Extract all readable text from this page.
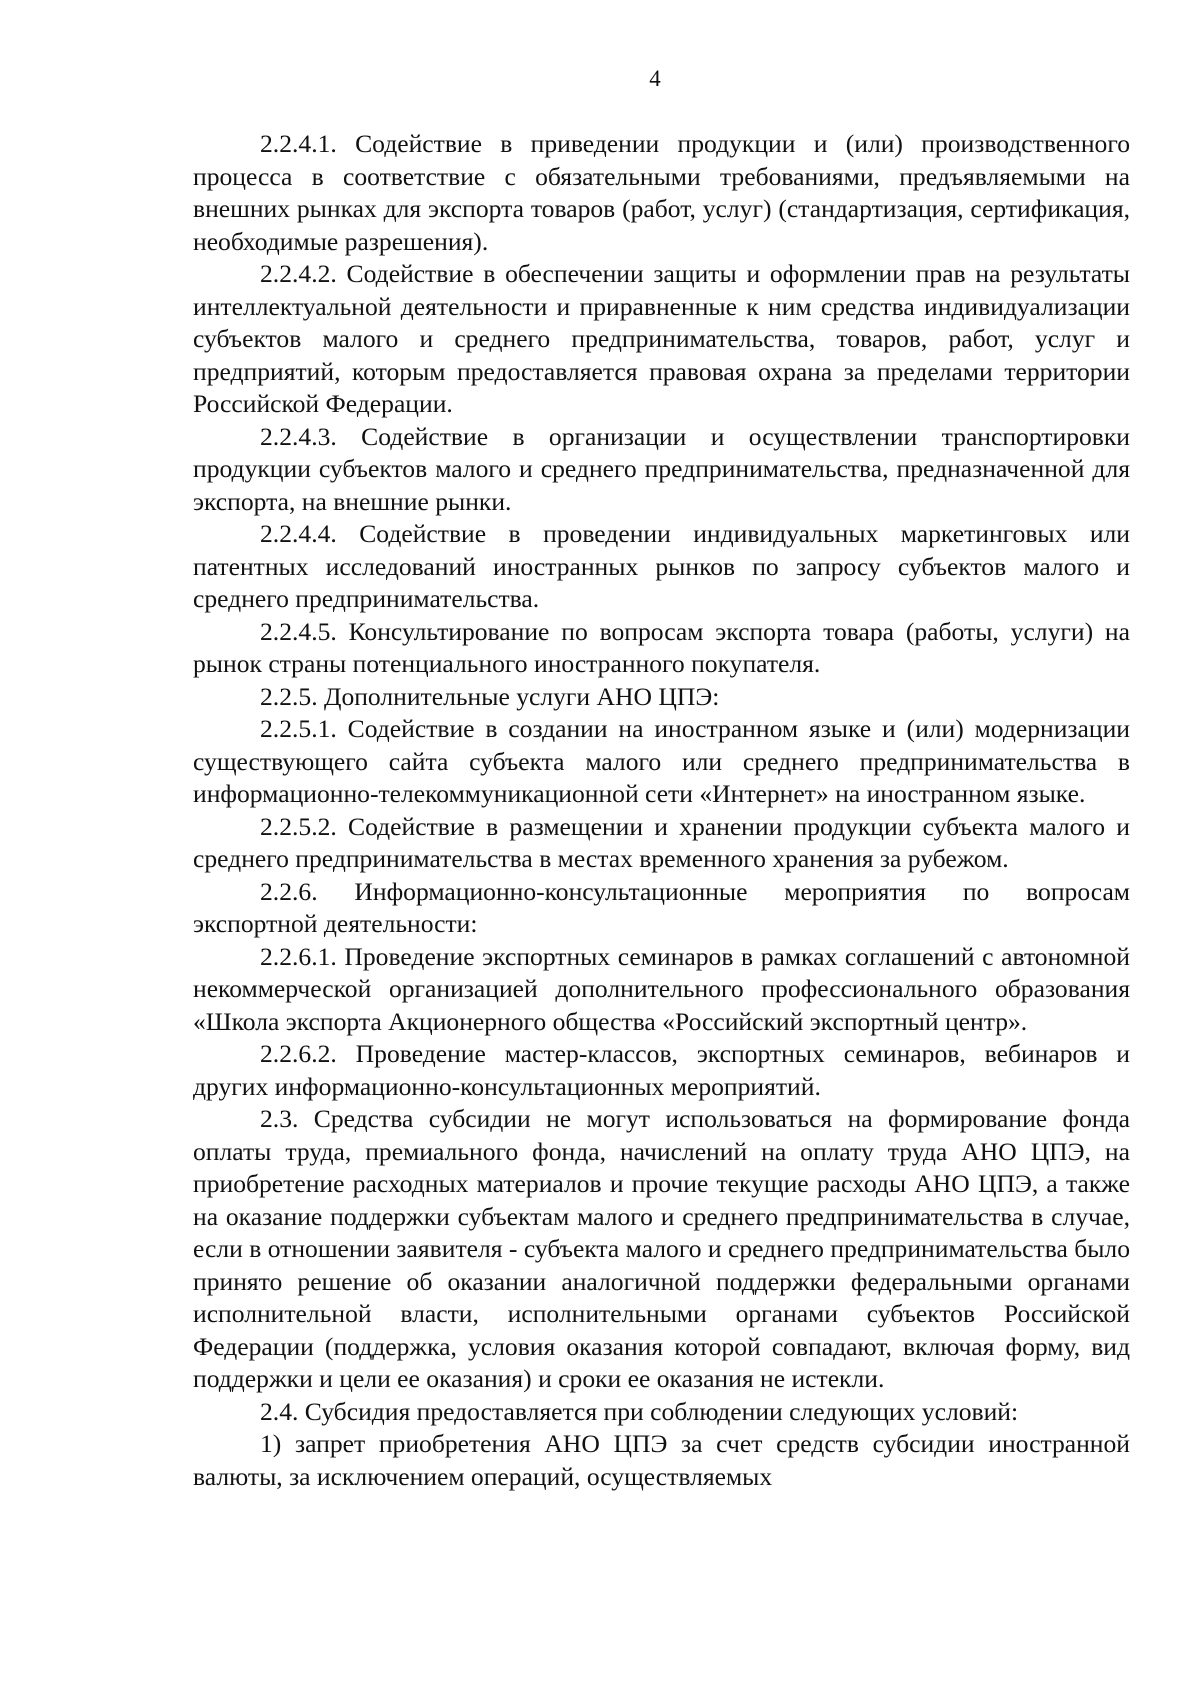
4

2.2.4.1. Содействие в приведении продукции и (или) производственного процесса в соответствие с обязательными требованиями, предъявляемыми на внешних рынках для экспорта товаров (работ, услуг) (стандартизация, сертификация, необходимые разрешения).

2.2.4.2. Содействие в обеспечении защиты и оформлении прав на результаты интеллектуальной деятельности и приравненные к ним средства индивидуализации субъектов малого и среднего предпринимательства, товаров, работ, услуг и предприятий, которым предоставляется правовая охрана за пределами территории Российской Федерации.

2.2.4.3. Содействие в организации и осуществлении транспортировки продукции субъектов малого и среднего предпринимательства, предназначенной для экспорта, на внешние рынки.

2.2.4.4. Содействие в проведении индивидуальных маркетинговых или патентных исследований иностранных рынков по запросу субъектов малого и среднего предпринимательства.

2.2.4.5. Консультирование по вопросам экспорта товара (работы, услуги) на рынок страны потенциального иностранного покупателя.

2.2.5. Дополнительные услуги АНО ЦПЭ:

2.2.5.1. Содействие в создании на иностранном языке и (или) модернизации существующего сайта субъекта малого или среднего предпринимательства в информационно-телекоммуникационной сети «Интернет» на иностранном языке.

2.2.5.2. Содействие в размещении и хранении продукции субъекта малого и среднего предпринимательства в местах временного хранения за рубежом.

2.2.6. Информационно-консультационные мероприятия по вопросам экспортной деятельности:

2.2.6.1. Проведение экспортных семинаров в рамках соглашений с автономной некоммерческой организацией дополнительного профессионального образования «Школа экспорта Акционерного общества «Российский экспортный центр».

2.2.6.2. Проведение мастер-классов, экспортных семинаров, вебинаров и других информационно-консультационных мероприятий.

2.3. Средства субсидии не могут использоваться на формирование фонда оплаты труда, премиального фонда, начислений на оплату труда АНО ЦПЭ, на приобретение расходных материалов и прочие текущие расходы АНО ЦПЭ, а также на оказание поддержки субъектам малого и среднего предпринимательства в случае, если в отношении заявителя - субъекта малого и среднего предпринимательства было принято решение об оказании аналогичной поддержки федеральными органами исполнительной власти, исполнительными органами субъектов Российской Федерации (поддержка, условия оказания которой совпадают, включая форму, вид поддержки и цели ее оказания) и сроки ее оказания не истекли.

2.4. Субсидия предоставляется при соблюдении следующих условий:

1) запрет приобретения АНО ЦПЭ за счет средств субсидии иностранной валюты, за исключением операций, осуществляемых
